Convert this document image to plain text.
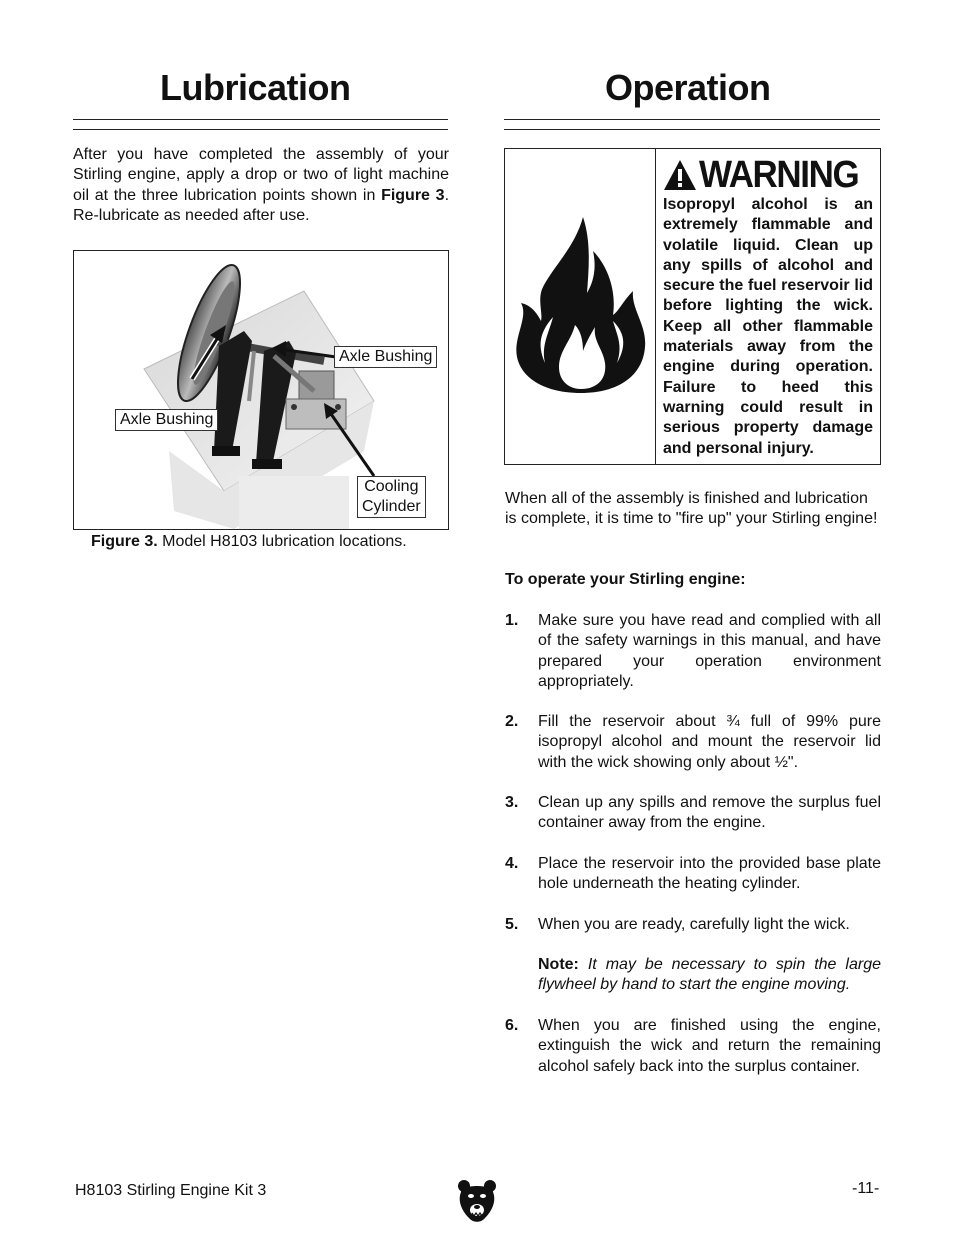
Lubrication

After you have completed the assembly of your Stirling engine, apply a drop or two of light machine oil at the three lubrication points shown in Figure 3. Re-lubricate as needed after use.

Axle Bushing
Axle Bushing
Cooling
Cylinder
Figure 3. Model H8103 lubrication locations.
Operation
WARNING
Isopropyl alcohol is an extremely flammable and volatile liquid. Clean up any spills of alcohol and secure the fuel reservoir lid before lighting the wick. Keep all other flammable materials away from the engine during operation. Failure to heed this warning could result in serious property damage and personal injury.

When all of the assembly is finished and lubrication is complete, it is time to "fire up" your Stirling engine!

To operate your Stirling engine:

1. Make sure you have read and complied with all of the safety warnings in this manual, and have prepared your operation environment appropriately.
2. Fill the reservoir about ¾ full of 99% pure isopropyl alcohol and mount the reservoir lid with the wick showing only about ½".
3. Clean up any spills and remove the surplus fuel container away from the engine.
4. Place the reservoir into the provided base plate hole underneath the heating cylinder.
5. When you are ready, carefully light the wick.
Note: It may be necessary to spin the large flywheel by hand to start the engine moving.
6. When you are finished using the engine, extinguish the wick and return the remaining alcohol safely back into the surplus container.
H8103 Stirling Engine Kit 3	-11-
